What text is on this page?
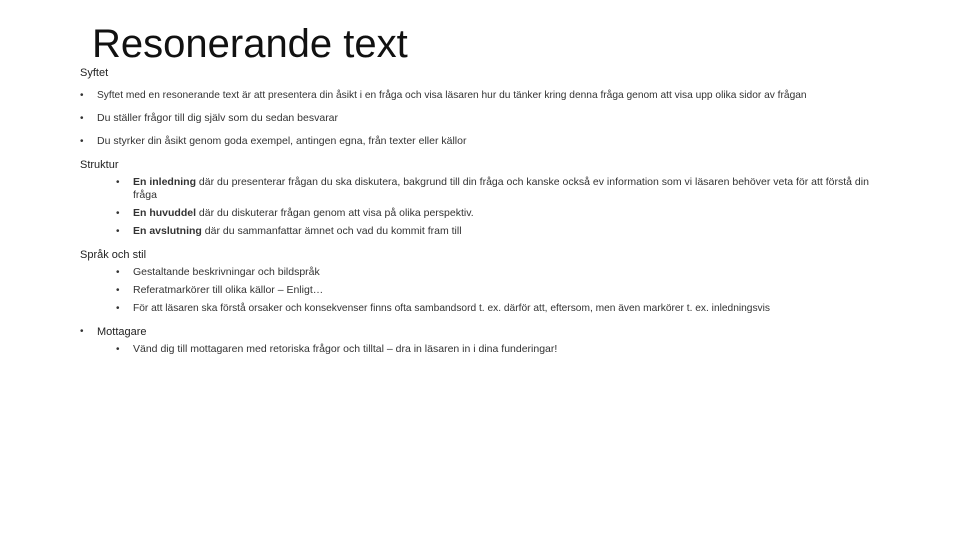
Resonerande text
Syftet
• Syftet med en resonerande text är att presentera din åsikt i en fråga och visa läsaren hur du tänker kring denna fråga genom att visa upp olika sidor av frågan
• Du ställer frågor till dig själv som du sedan besvarar
• Du styrker din åsikt genom goda exempel, antingen egna, från texter eller källor
Struktur
• En inledning där du presenterar frågan du ska diskutera, bakgrund till din fråga och kanske också ev information som vi läsaren behöver veta för att förstå din fråga
• En huvuddel där du diskuterar frågan genom att visa på olika perspektiv.
• En avslutning där du sammanfattar ämnet och vad du kommit fram till
Språk och stil
• Gestaltande beskrivningar och bildspråk
• Referatmarkörer till olika källor – Enligt…
• För att läsaren ska förstå orsaker och konsekvenser finns ofta sambandsord t. ex. därför att, eftersom, men även markörer t. ex. inledningsvis
• Mottagare
• Vänd dig till mottagaren med retoriska frågor och tilltal – dra in läsaren in i dina funderingar!
